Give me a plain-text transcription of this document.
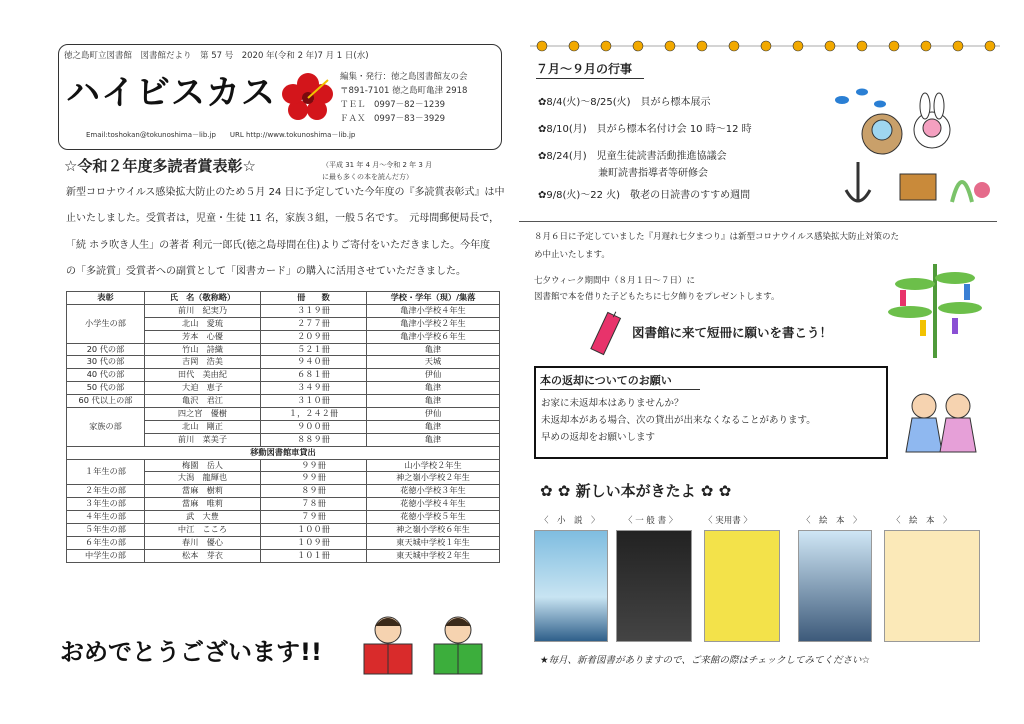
徳之島町立図書館　図書館だより　第 57 号　2020 年(令和 2 年)7 月 1 日(水)
ハイビスカス	編集・発行：徳之島図書館友の会
〒891-7101 徳之島町亀津 2918
ＴＥＬ　0997－82－1239
ＦＡＸ　0997－83－3929
Email:toshokan@tokunoshima－lib.jp　　URL http://www.tokunoshima－lib.jp
☆令和２年度多読者賞表彰☆	（平成 31 年 4 月～令和 2 年 3 月
に最も多くの本を読んだ方）
新型コロナウイルス感染拡大防止のため５月 24 日に予定していた今年度の『多読賞表彰式』は中
止いたしました。受賞者は，児童・生徒 11 名，家族３組，一般５名です。　元母間郵便局長で，
「続 ホラ吹き人生」の著者 利元一郎氏(徳之島母間在住)よりご寄付をいただきました。今年度
の「多読賞」受賞者への副賞として「図書カード」の購入に活用させていただきました。
表彰	氏　名（敬称略）	冊　　数	学校・学年（現）/集落
小学生の部	前川　紀実乃	３１９冊	亀津小学校４年生
	北山　愛琉	２７７冊	亀津小学校２年生
	芳本　心優	２０９冊	亀津小学校６年生
20 代の部	竹山　詩織	５２１冊	亀津
30 代の部	吉岡　浩美	９４０冊	天城
40 代の部	田代　美由紀	６８１冊	伊仙
50 代の部	大迫　恵子	３４９冊	亀津
60 代以上の部	亀沢　君江	３１０冊	亀津
家族の部	四之宮　優樹	１，２４２冊	伊仙
	北山　剛正	９００冊	亀津
	前川　菜美子	８８９冊	亀津
移動図書館車貸出			
１年生の部	梅園　岳人	９９冊	山小学校２年生
	大潟　龍輝也	９９冊	神之嶺小学校２年生
２年生の部	當麻　樹莉	８９冊	花徳小学校３年生
３年生の部	當麻　唯莉	７８冊	花徳小学校４年生
４年生の部	武　大豊	７９冊	花徳小学校５年生
５年生の部	中江　こころ	１００冊	神之嶺小学校６年生
６年生の部	春川　優心	１０９冊	東天城中学校１年生
中学生の部	松本　芽衣	１０１冊	東天城中学校２年生
おめでとうございます!!
７月～９月の行事
✿8/4(火)～8/25(火)　貝がら標本展示
✿8/10(月)　貝がら標本名付け会 10 時～12 時
✿8/24(月)　児童生徒読書活動推進協議会
　　　　　　兼町読書指導者等研修会
✿9/8(火)～22 火)　敬老の日読書のすすめ週間
８月６日に予定していました『月遅れ七夕まつり』は新型コロナウイルス感染拡大防止対策のた
め中止いたします。
七夕ウィーク期間中（８月１日～７日）に
図書館で本を借りた子どもたちに七夕飾りをプレゼントします。
図書館に来て短冊に願いを書こう！
本の返却についてのお願い
お家に未返却本はありませんか？
未返却本がある場合、次の貸出が出来なくなることがあります。
早めの返却をお願いします
✿ ✿ 新しい本がきたよ ✿ ✿
〈　小　説　〉	〈 一 般 書 〉	〈 実用書 〉	〈　絵　本　〉	〈　絵　本　〉
★毎月、新着図書がありますので、ご来館の際はチェックしてみてください☆
